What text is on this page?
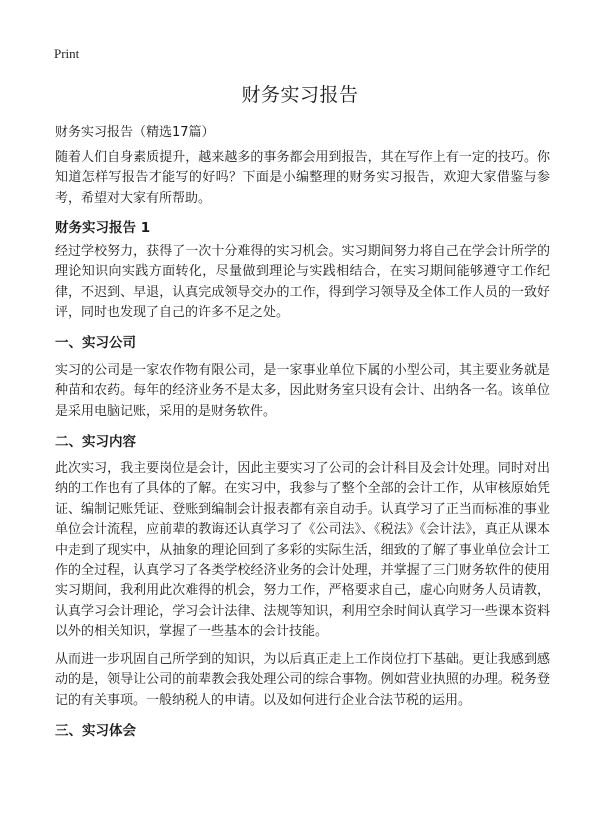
Print
财务实习报告

财务实习报告（精选17篇）

随着人们自身素质提升，越来越多的事务都会用到报告，其在写作上有一定的技巧。你知道怎样写报告才能写的好吗？下面是小编整理的财务实习报告，欢迎大家借鉴与参考，希望对大家有所帮助。

财务实习报告 1

经过学校努力，获得了一次十分难得的实习机会。实习期间努力将自己在学会计所学的理论知识向实践方面转化，尽量做到理论与实践相结合，在实习期间能够遵守工作纪律，不迟到、早退，认真完成领导交办的工作，得到学习领导及全体工作人员的一致好评，同时也发现了自己的许多不足之处。

一、实习公司

实习的公司是一家农作物有限公司，是一家事业单位下属的小型公司，其主要业务就是种苗和农药。每年的经济业务不是太多，因此财务室只设有会计、出纳各一名。该单位是采用电脑记账，采用的是财务软件。

二、实习内容

此次实习，我主要岗位是会计，因此主要实习了公司的会计科目及会计处理。同时对出纳的工作也有了具体的了解。在实习中，我参与了整个全部的会计工作，从审核原始凭证、编制记账凭证、登账到编制会计报表都有亲自动手。认真学习了正当而标准的事业单位会计流程，应前辈的教诲还认真学习了《公司法》、《税法》《会计法》，真正从课本中走到了现实中，从抽象的理论回到了多彩的实际生活，细致的了解了事业单位会计工作的全过程，认真学习了各类学校经济业务的会计处理，并掌握了三门财务软件的使用实习期间，我利用此次难得的机会，努力工作，严格要求自己，虚心向财务人员请教，认真学习会计理论，学习会计法律、法规等知识，利用空余时间认真学习一些课本资料以外的相关知识，掌握了一些基本的会计技能。

从而进一步巩固自己所学到的知识，为以后真正走上工作岗位打下基础。更让我感到感动的是，领导让公司的前辈教会我处理公司的综合事物。例如营业执照的办理。税务登记的有关事项。一般纳税人的申请。以及如何进行企业合法节税的运用。

三、实习体会
